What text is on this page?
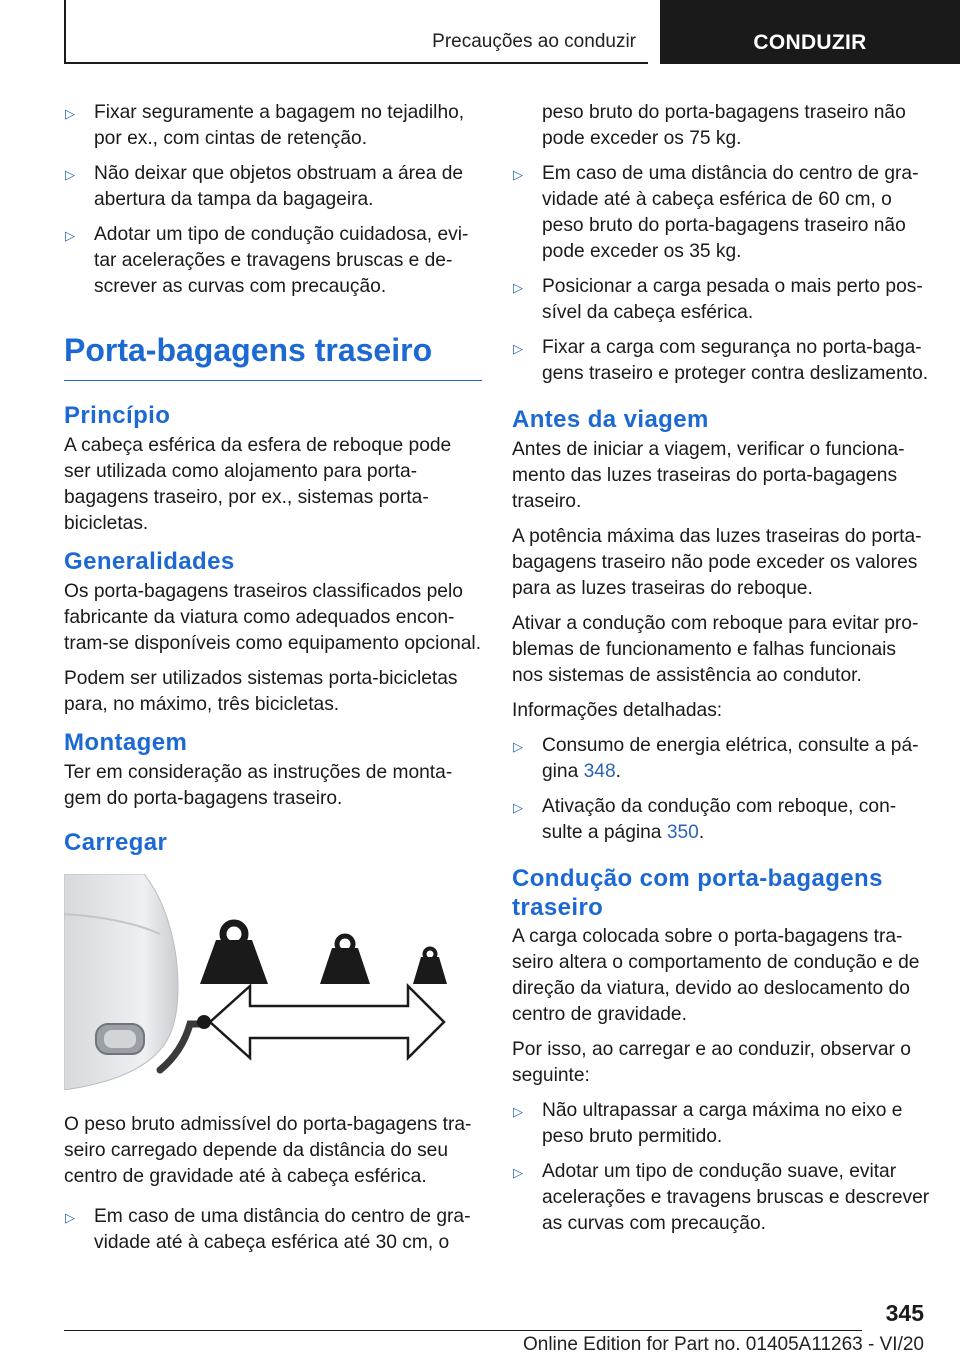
Precauções ao conduzir	CONDUZIR
▷ Fixar seguramente a bagagem no tejadilho, por ex., com cintas de retenção.
▷ Não deixar que objetos obstruam a área de abertura da tampa da bagageira.
▷ Adotar um tipo de condução cuidadosa, evitar acelerações e travagens bruscas e descrever as curvas com precaução.
Porta-bagagens traseiro
Princípio

A cabeça esférica da esfera de reboque pode ser utilizada como alojamento para porta-bagagens traseiro, por ex., sistemas porta-bicicletas.

Generalidades

Os porta-bagagens traseiros classificados pelo fabricante da viatura como adequados encontram-se disponíveis como equipamento opcional.

Podem ser utilizados sistemas porta-bicicletas para, no máximo, três bicicletas.

Montagem

Ter em consideração as instruções de montagem do porta-bagagens traseiro.

Carregar

O peso bruto admissível do porta-bagagens traseiro carregado depende da distância do seu centro de gravidade até à cabeça esférica.

▷ Em caso de uma distância do centro de gravidade até à cabeça esférica até 30 cm, o
peso bruto do porta-bagagens traseiro não pode exceder os 75 kg.
▷ Em caso de uma distância do centro de gravidade até à cabeça esférica de 60 cm, o peso bruto do porta-bagagens traseiro não pode exceder os 35 kg.
▷ Posicionar a carga pesada o mais perto possível da cabeça esférica.
▷ Fixar a carga com segurança no porta-bagagens traseiro e proteger contra deslizamento.
Antes da viagem

Antes de iniciar a viagem, verificar o funcionamento das luzes traseiras do porta-bagagens traseiro.

A potência máxima das luzes traseiras do porta-bagagens traseiro não pode exceder os valores para as luzes traseiras do reboque.

Ativar a condução com reboque para evitar problemas de funcionamento e falhas funcionais nos sistemas de assistência ao condutor.

Informações detalhadas:

▷ Consumo de energia elétrica, consulte a página 348.
▷ Ativação da condução com reboque, consulte a página 350.
Condução com porta-bagagens traseiro

A carga colocada sobre o porta-bagagens traseiro altera o comportamento de condução e de direção da viatura, devido ao deslocamento do centro de gravidade.

Por isso, ao carregar e ao conduzir, observar o seguinte:

▷ Não ultrapassar a carga máxima no eixo e peso bruto permitido.
▷ Adotar um tipo de condução suave, evitar acelerações e travagens bruscas e descrever as curvas com precaução.
345
Online Edition for Part no. 01405A11263 - VI/20
